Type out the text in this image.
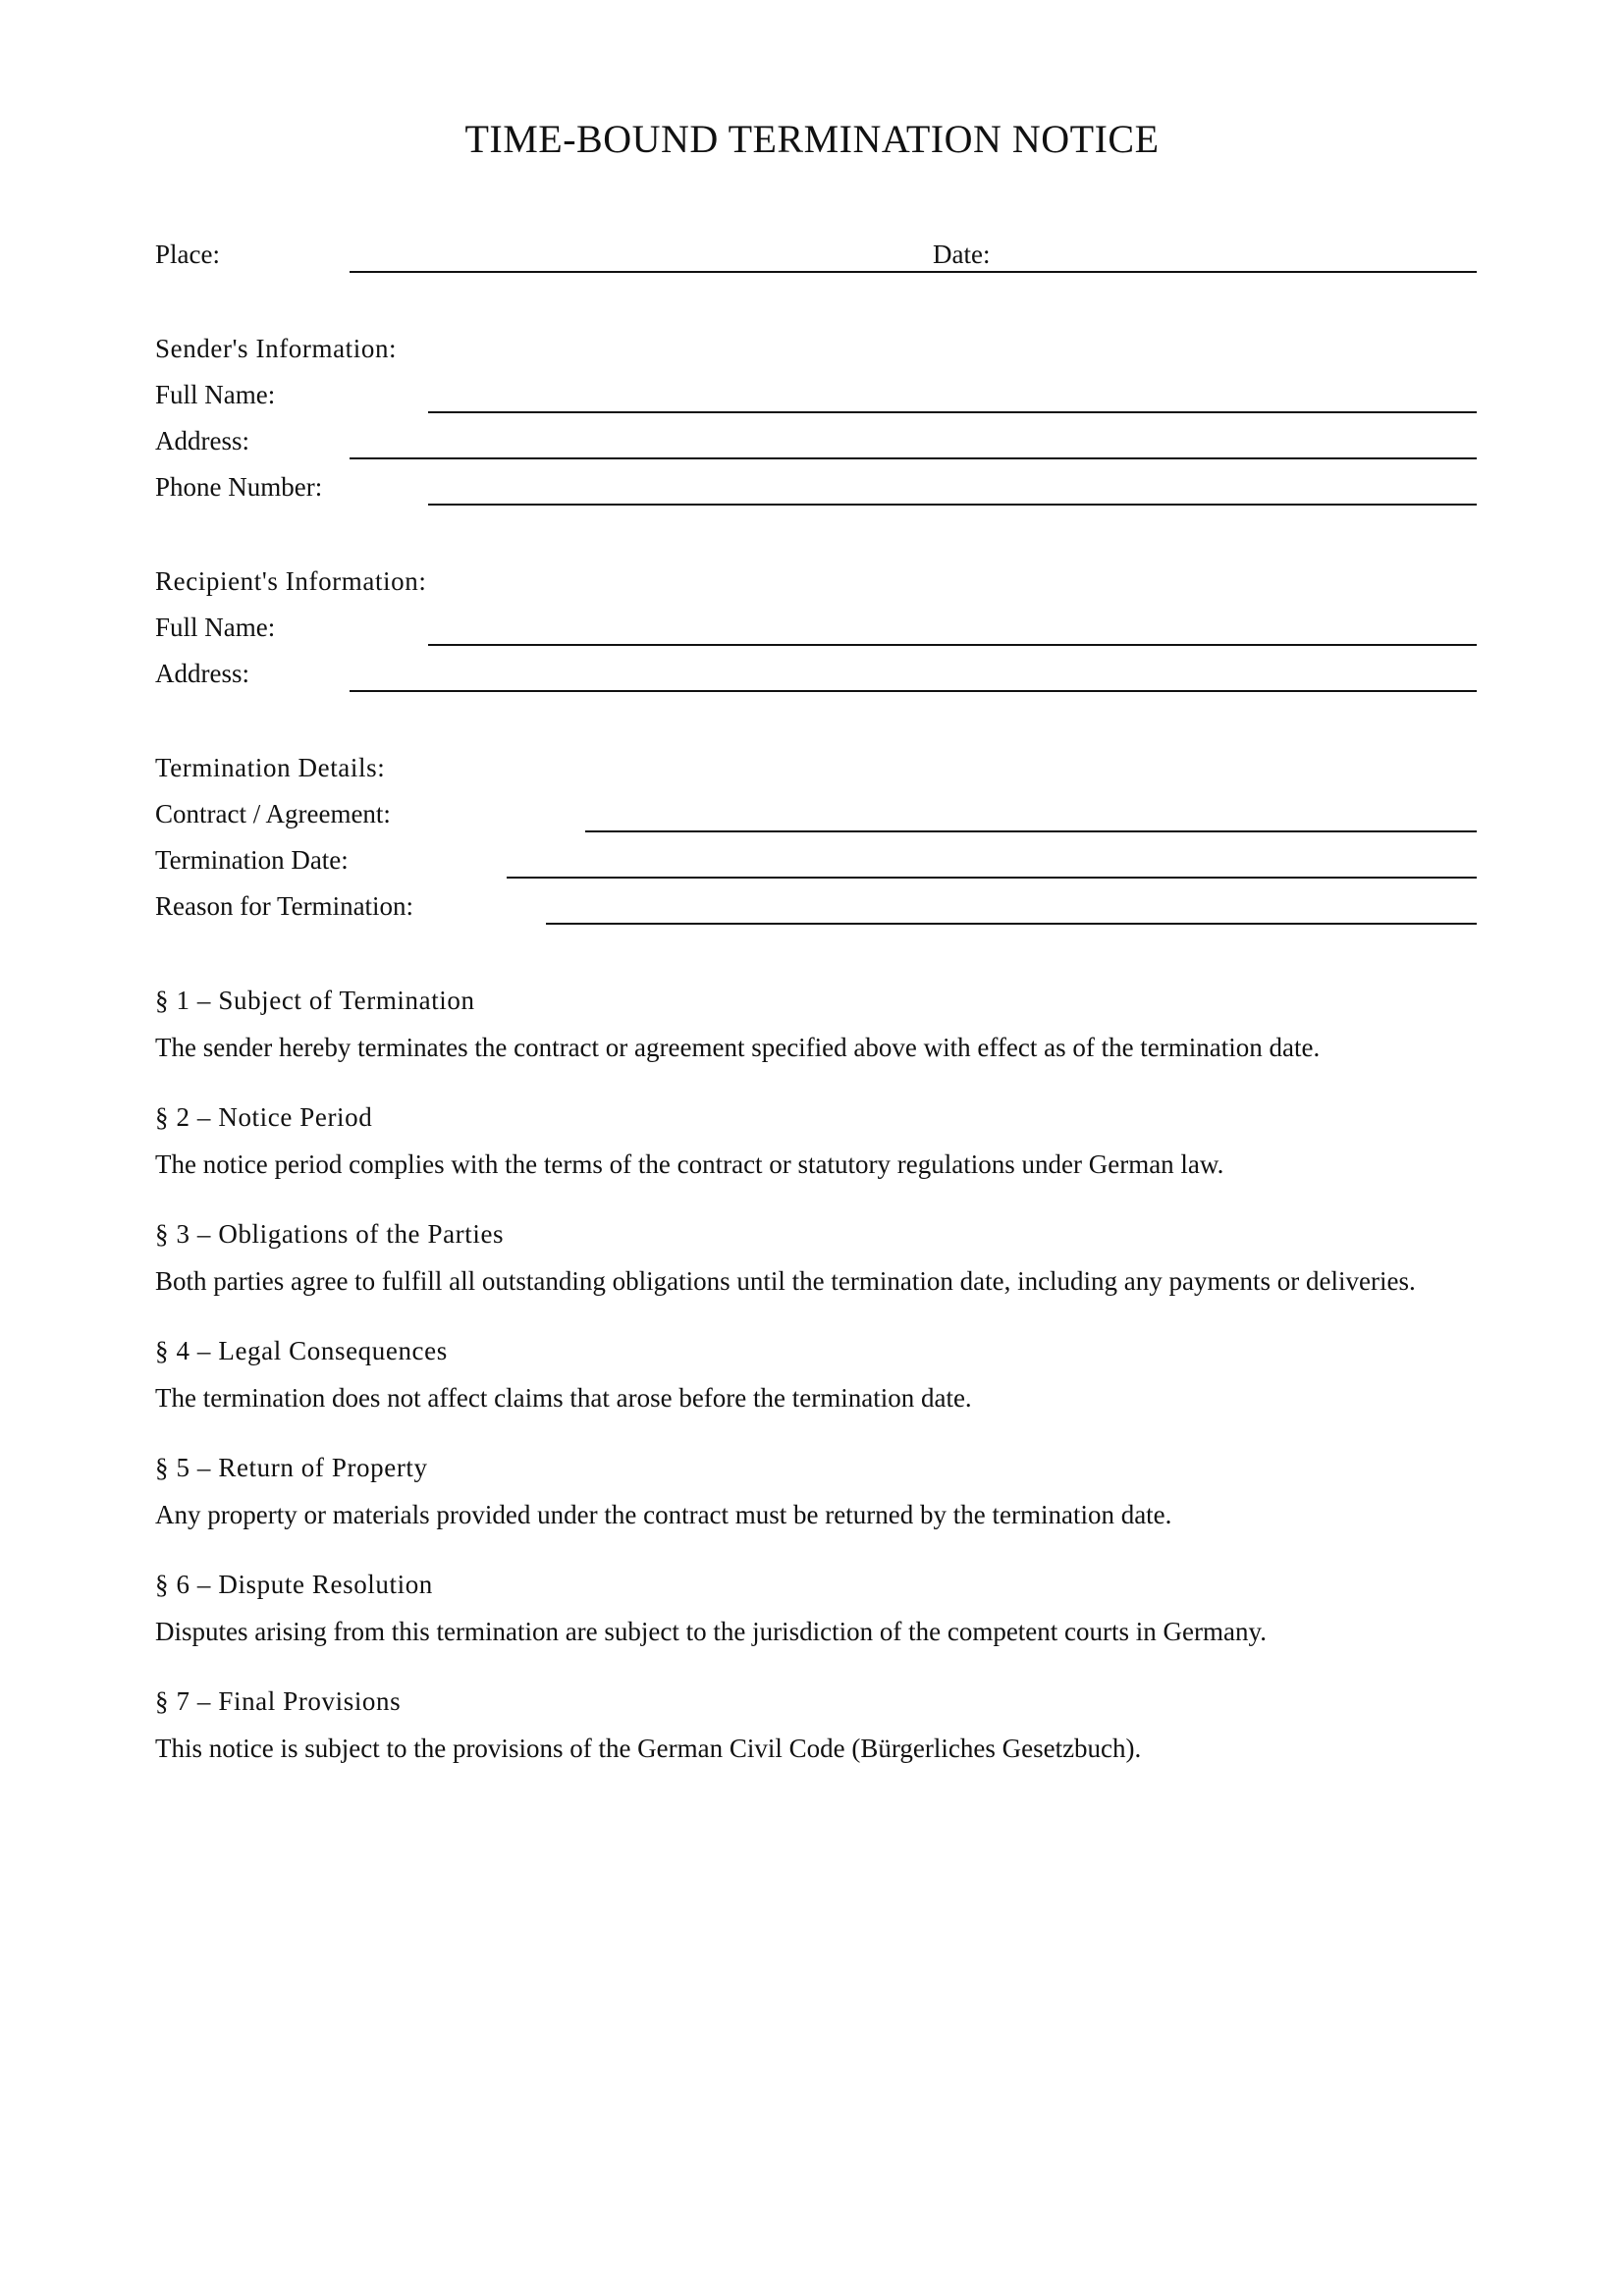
TIME-BOUND TERMINATION NOTICE
Place:	Date:
Sender's Information:
Full Name:
Address:
Phone Number:
Recipient's Information:
Full Name:
Address:
Termination Details:
Contract / Agreement:
Termination Date:
Reason for Termination:
§ 1 – Subject of Termination
The sender hereby terminates the contract or agreement specified above with effect as of the termination date.
§ 2 – Notice Period
The notice period complies with the terms of the contract or statutory regulations under German law.
§ 3 – Obligations of the Parties
Both parties agree to fulfill all outstanding obligations until the termination date, including any payments or deliveries.
§ 4 – Legal Consequences
The termination does not affect claims that arose before the termination date.
§ 5 – Return of Property
Any property or materials provided under the contract must be returned by the termination date.
§ 6 – Dispute Resolution
Disputes arising from this termination are subject to the jurisdiction of the competent courts in Germany.
§ 7 – Final Provisions
This notice is subject to the provisions of the German Civil Code (Bürgerliches Gesetzbuch).
